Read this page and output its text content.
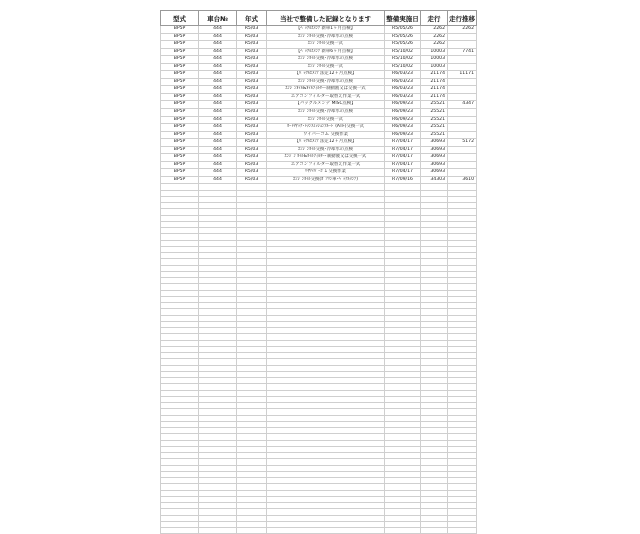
型式	車台№	年式	当社で整備した記録となります	整備実施日	走行	走行推移
BP5P	444	R5/03	【ﾍﾞｯｸﾙｴﾒﾝﾃ 新車1ヶ月点検】	R5/05/26	2262	2262
BP5P	444	R5/03	ｴﾝｼﾞﾝｵｲﾙ交換･冷却水の点検	R5/05/26	2262	
BP5P	444	R5/03	ｴﾝｼﾞﾝｵｲﾙ交換一式	R5/05/26	2262	
BP5P	444	R5/03	【ﾍﾞｯｸﾙｴﾒﾝﾃ 新車6ヶ月点検】	R5/10/02	10003	7741
BP5P	444	R5/03	ｴﾝｼﾞﾝｵｲﾙ交換･冷却水の点検	R5/10/02	10003	
BP5P	444	R5/03	ｴﾝｼﾞﾝｵｲﾙ交換一式	R5/10/02	10003	
BP5P	444	R5/03	【ﾊﾞｯｸﾙｴﾒﾝﾃ 法定12ヶ月点検】	R6/03/23	21174	11171
BP5P	444	R5/03	ｴﾝｼﾞﾝｵｲﾙ交換･冷却水の点検	R6/03/23	21174	
BP5P	444	R5/03	ｴﾝｼﾞﾝｵｲﾙ&ｵｲﾙﾌｨﾙﾀｰ･制動液又は交換一式	R6/03/23	21174	
BP5P	444	R5/03	エアコンフィルター取替え作業一式	R6/03/23	21174	
BP5P	444	R5/03	【バックルメンテ MISC点検】	R6/09/23	25521	4347
BP5P	444	R5/03	ｴﾝｼﾞﾝｵｲﾙ交換･冷却水の点検	R6/09/23	25521	
BP5P	444	R5/03	ｴﾝｼﾞﾝｵｲﾙ交換一式	R6/09/23	25521	
BP5P	444	R5/03	ｵｰﾄﾏﾁｯｸ･ﾄﾗﾝｽﾐｯｼｮﾝﾌﾙｰﾄﾞ(ATF)交換一式	R6/09/23	25521	
BP5P	444	R5/03	ワイパーゴム 交換作業	R6/09/23	25521	
BP5P	444	R5/03	【ﾊﾞｯｸﾙｴﾒﾝﾃ 法定12ヶ月点検】	R7/04/17	30693	5172
BP5P	444	R5/03	ｴﾝｼﾞﾝｵｲﾙ交換･冷却水の点検	R7/04/17	30693	
BP5P	444	R5/03	ｴﾝｼﾞﾝ ｵｲﾙ&ｵｲﾙﾌｨﾙﾀｰ･制動液又は交換一式	R7/04/17	30693	
BP5P	444	R5/03	エアコンフィルター取替え作業一式	R7/04/17	30693	
BP5P	444	R5/03	ﾘﾔﾜｲﾊﾟｰｺﾞﾑ 交換作業	R7/04/17	30693	
BP5P	444	R5/03	ｴﾝｼﾞﾝｵｲﾙ交換(ｶﾞｿﾘﾝ車･ﾍﾞｯｸﾙﾒﾝﾃ)	R7/09/16	34303	3610
